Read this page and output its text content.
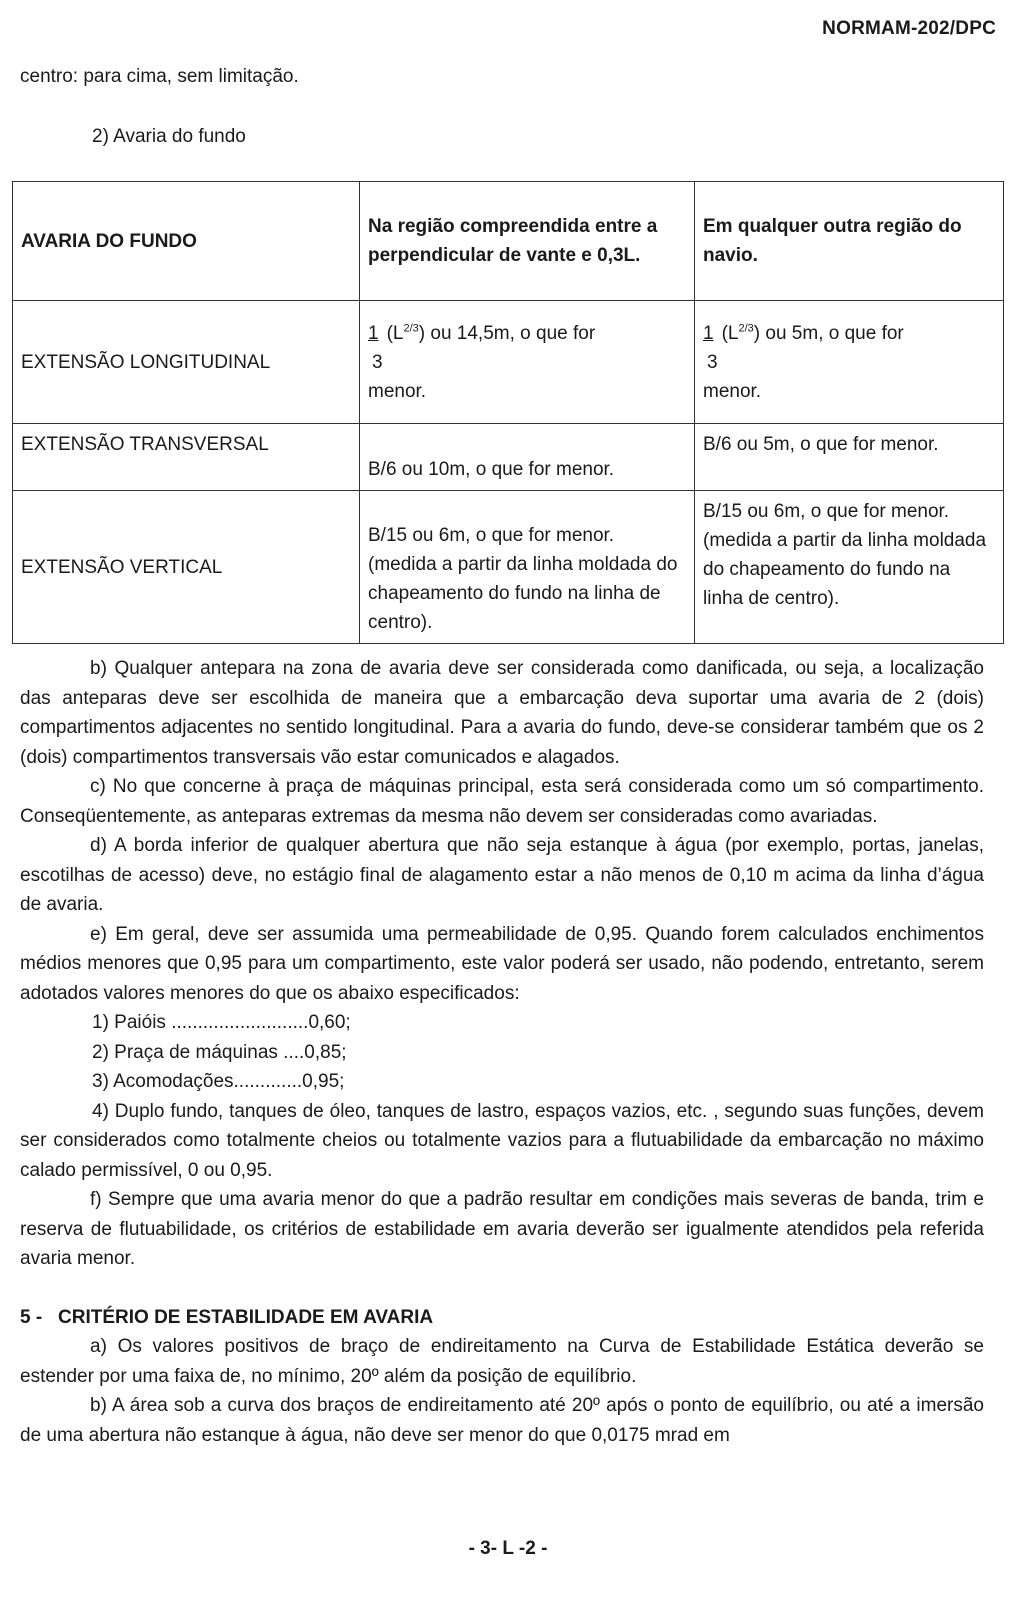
NORMAM-202/DPC
centro: para cima, sem limitação.
2) Avaria do fundo
AVARIA DO FUNDO	Na região compreendida entre a perpendicular de vante e 0,3L.	Em qualquer outra região do navio.
EXTENSÃO LONGITUDINAL	1 $(L^{2/3})$ ou 14,5m, o que for
3
menor.	1 $(L^{2/3})$ ou 5m, o que for
3
menor.
EXTENSÃO TRANSVERSAL	B/6 ou 10m, o que for menor.	B/6 ou 5m, o que for menor.
EXTENSÃO VERTICAL	B/15 ou 6m, o que for menor. (medida a partir da linha moldada do chapeamento do fundo na linha de centro).	B/15 ou 6m, o que for menor. (medida a partir da linha moldada do chapeamento do fundo na linha de centro).

b) Qualquer antepara na zona de avaria deve ser considerada como danificada, ou seja, a localização das anteparas deve ser escolhida de maneira que a embarcação deva suportar uma avaria de 2 (dois) compartimentos adjacentes no sentido longitudinal. Para a avaria do fundo, deve-se considerar também que os 2 (dois) compartimentos transversais vão estar comunicados e alagados.

c) No que concerne à praça de máquinas principal, esta será considerada como um só compartimento. Conseqüentemente, as anteparas extremas da mesma não devem ser consideradas como avariadas.

d) A borda inferior de qualquer abertura que não seja estanque à água (por exemplo, portas, janelas, escotilhas de acesso) deve, no estágio final de alagamento estar a não menos de 0,10 m acima da linha d’água de avaria.

e) Em geral, deve ser assumida uma permeabilidade de 0,95. Quando forem calculados enchimentos médios menores que 0,95 para um compartimento, este valor poderá ser usado, não podendo, entretanto, serem adotados valores menores do que os abaixo especificados:

1) Paióis ..........................0,60;

2) Praça de máquinas ....0,85;

3) Acomodações.............0,95;

4) Duplo fundo, tanques de óleo, tanques de lastro, espaços vazios, etc. , segundo suas funções, devem ser considerados como totalmente cheios ou totalmente vazios para a flutuabilidade da embarcação no máximo calado permissível, 0 ou 0,95.

f) Sempre que uma avaria menor do que a padrão resultar em condições mais severas de banda, trim e reserva de flutuabilidade, os critérios de estabilidade em avaria deverão ser igualmente atendidos pela referida avaria menor.

5 -   CRITÉRIO DE ESTABILIDADE EM AVARIA

a) Os valores positivos de braço de endireitamento na Curva de Estabilidade Estática deverão se estender por uma faixa de, no mínimo, 20º além da posição de equilíbrio.

b) A área sob a curva dos braços de endireitamento até 20º após o ponto de equilíbrio, ou até a imersão de uma abertura não estanque à água, não deve ser menor do que 0,0175 mrad em

- 3- L -2 -
